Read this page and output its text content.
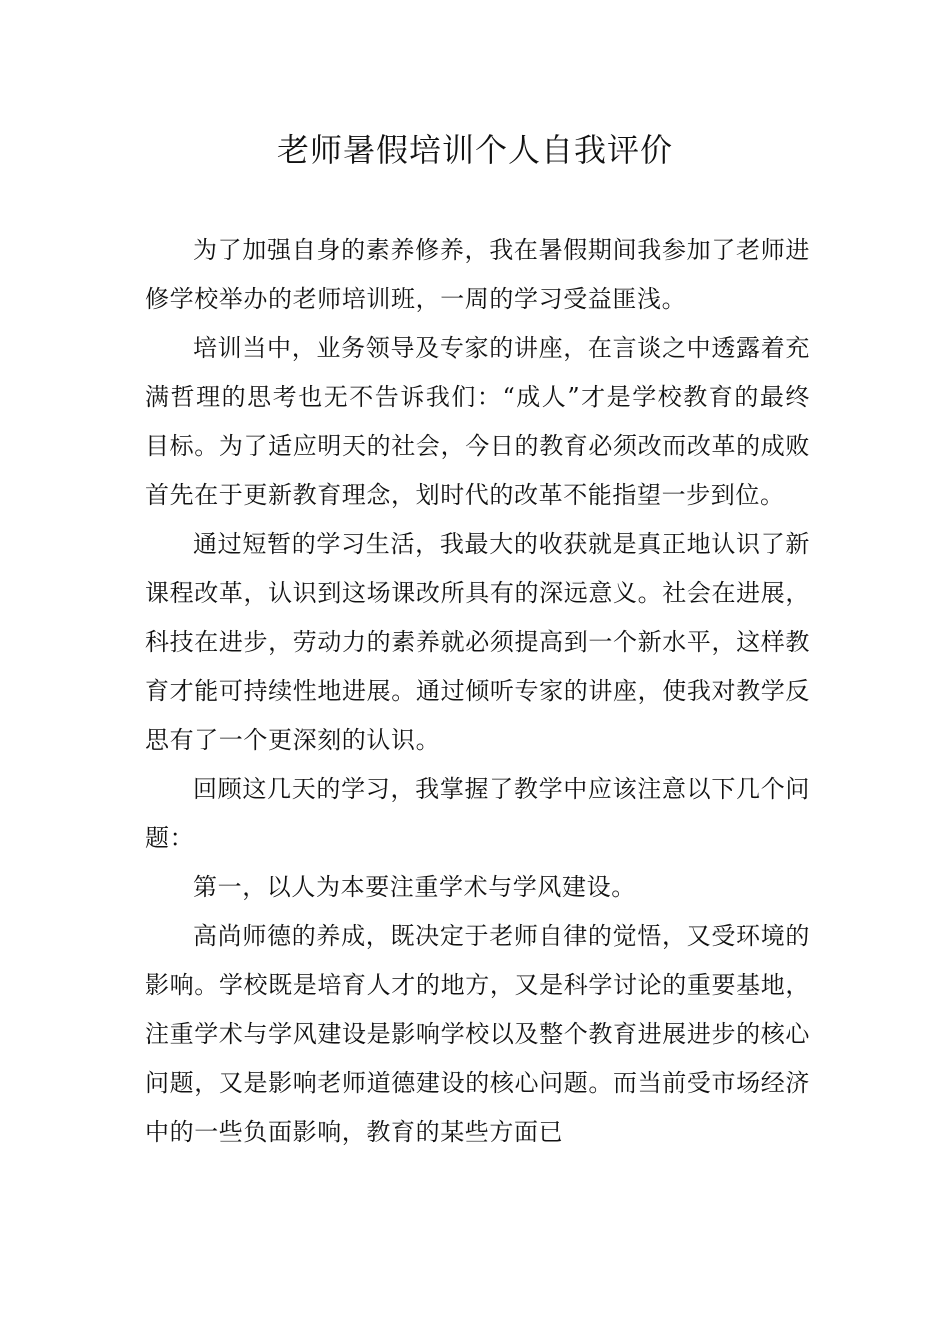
老师暑假培训个人自我评价

为了加强自身的素养修养，我在暑假期间我参加了老师进修学校举办的老师培训班，一周的学习受益匪浅。

培训当中，业务领导及专家的讲座，在言谈之中透露着充满哲理的思考也无不告诉我们：“成人”才是学校教育的最终目标。为了适应明天的社会，今日的教育必须改而改革的成败首先在于更新教育理念，划时代的改革不能指望一步到位。

通过短暂的学习生活，我最大的收获就是真正地认识了新课程改革，认识到这场课改所具有的深远意义。社会在进展，科技在进步，劳动力的素养就必须提高到一个新水平，这样教育才能可持续性地进展。通过倾听专家的讲座，使我对教学反思有了一个更深刻的认识。

回顾这几天的学习，我掌握了教学中应该注意以下几个问题：

第一，以人为本要注重学术与学风建设。

高尚师德的养成，既决定于老师自律的觉悟，又受环境的影响。学校既是培育人才的地方，又是科学讨论的重要基地，注重学术与学风建设是影响学校以及整个教育进展进步的核心问题，又是影响老师道德建设的核心问题。而当前受市场经济中的一些负面影响，教育的某些方面已
